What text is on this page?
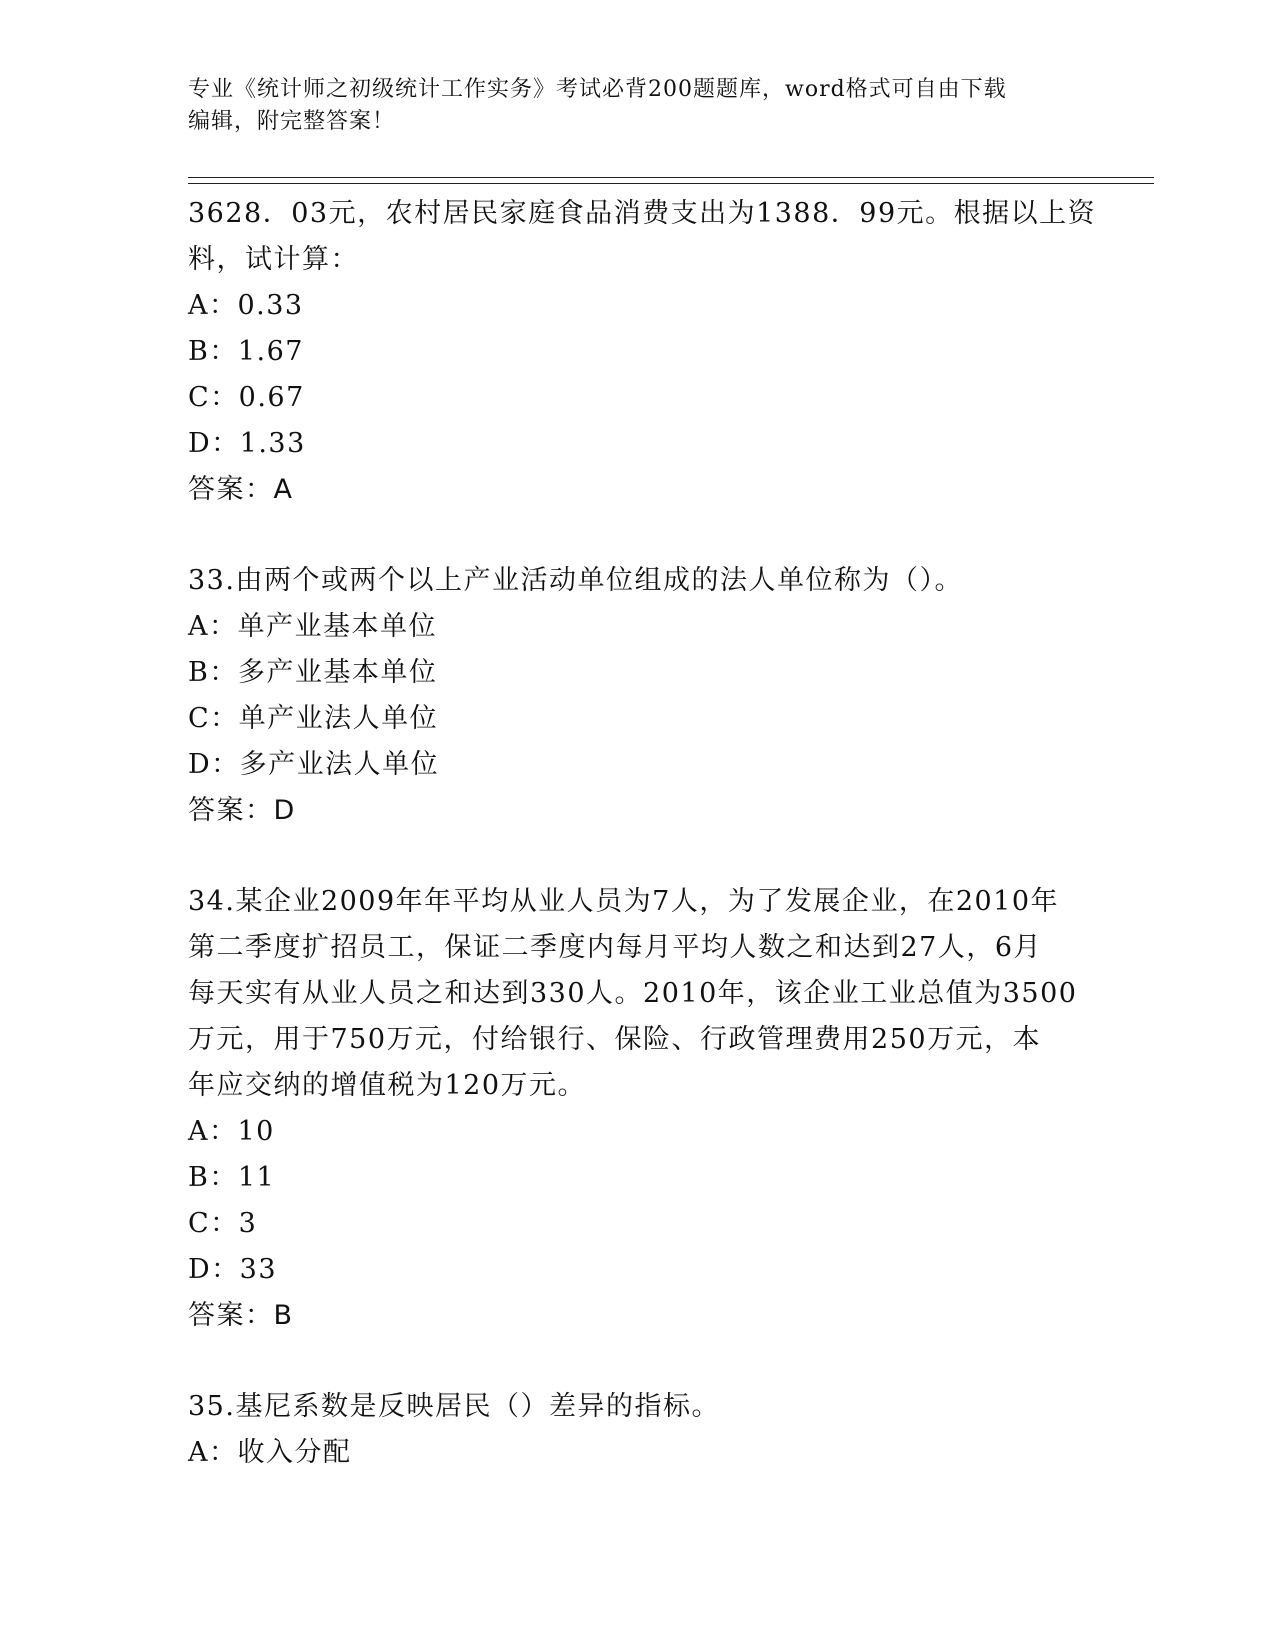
专业《统计师之初级统计工作实务》考试必背200题题库，word格式可自由下载
编辑，附完整答案！
3628．03元，农村居民家庭食品消费支出为1388．99元。根据以上资
料，试计算：
A：0.33
B：1.67
C：0.67
D：1.33
答案：A
33.由两个或两个以上产业活动单位组成的法人单位称为（）。
A：单产业基本单位
B：多产业基本单位
C：单产业法人单位
D：多产业法人单位
答案：D
34.某企业2009年年平均从业人员为7人，为了发展企业，在2010年
第二季度扩招员工，保证二季度内每月平均人数之和达到27人，6月
每天实有从业人员之和达到330人。2010年，该企业工业总值为3500
万元，用于750万元，付给银行、保险、行政管理费用250万元，本
年应交纳的增值税为120万元。
A：10
B：11
C：3
D：33
答案：B
35.基尼系数是反映居民（）差异的指标。
A：收入分配
